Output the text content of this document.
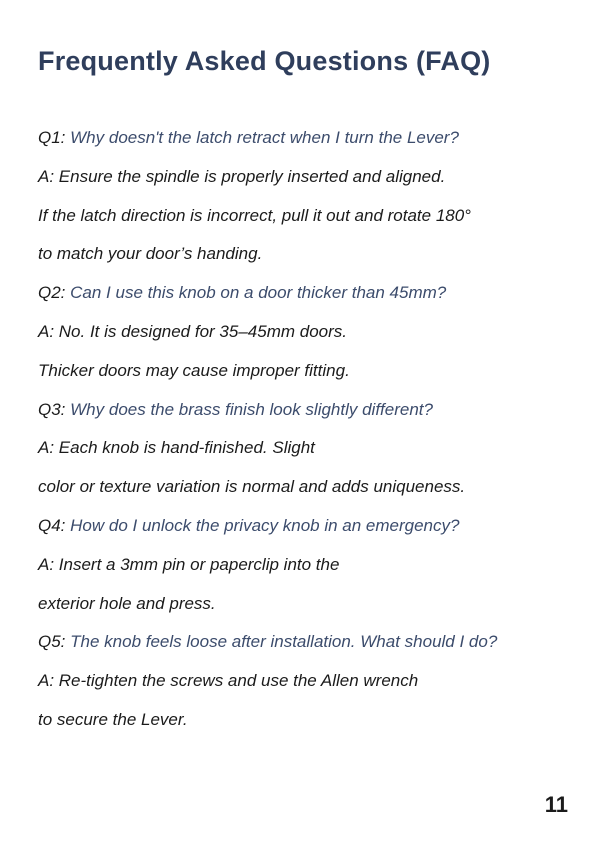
Frequently Asked Questions (FAQ)
Q1: Why doesn't the latch retract when I turn the Lever?
A: Ensure the spindle is properly inserted and aligned.
If the latch direction is incorrect, pull it out and rotate 180°
to match your door’s handing.
Q2: Can I use this knob on a door thicker than 45mm?
A: No. It is designed for 35–45mm doors.
Thicker doors may cause improper fitting.
Q3: Why does the brass finish look slightly different?
A: Each knob is hand-finished. Slight
color or texture variation is normal and adds uniqueness.
Q4: How do I unlock the privacy knob in an emergency?
A: Insert a 3mm pin or paperclip into the
exterior hole and press.
Q5: The knob feels loose after installation. What should I do?
A: Re-tighten the screws and use the Allen wrench
to secure the Lever.
11
